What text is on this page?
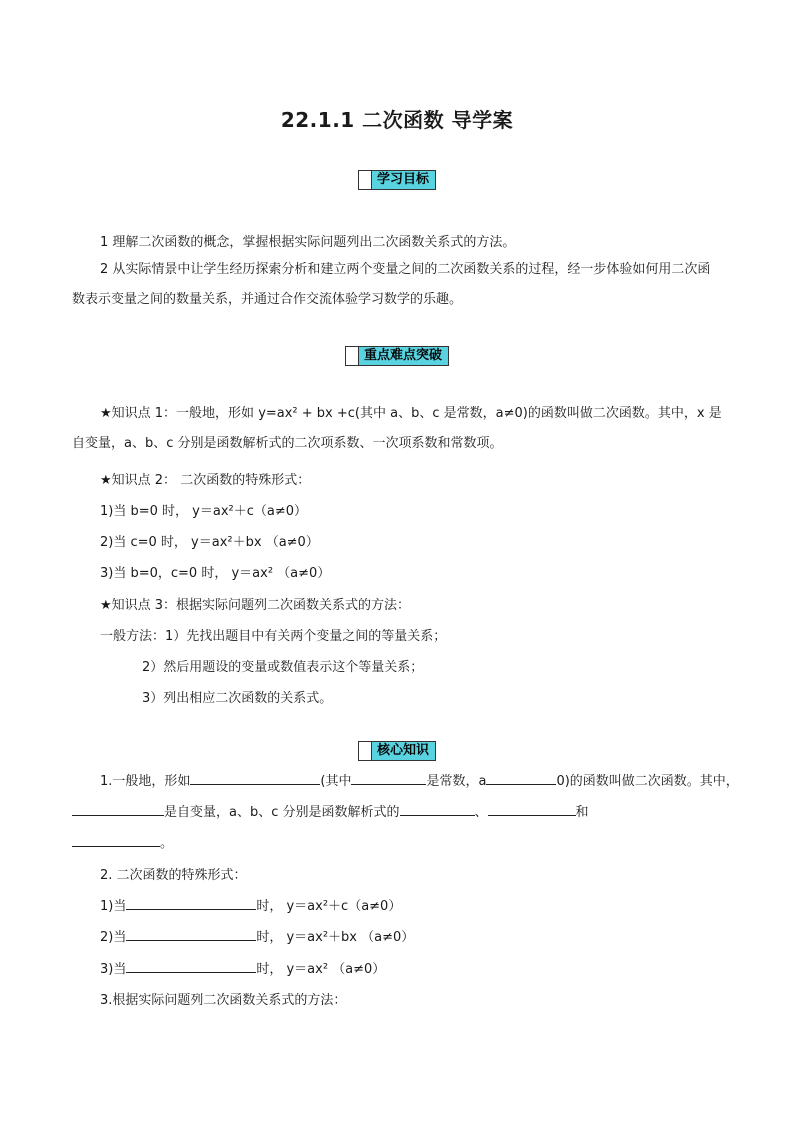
22.1.1 二次函数 导学案
学习目标
1 理解二次函数的概念，掌握根据实际问题列出二次函数关系式的方法。
2 从实际情景中让学生经历探索分析和建立两个变量之间的二次函数关系的过程，经一步体验如何用二次函数表示变量之间的数量关系，并通过合作交流体验学习数学的乐趣。
重点难点突破
★知识点 1：一般地，形如 y=ax² + bx +c(其中 a、b、c 是常数，a≠0)的函数叫做二次函数。其中，x 是自变量，a、b、c 分别是函数解析式的二次项系数、一次项系数和常数项。
★知识点 2： 二次函数的特殊形式：
1)当 b=0 时， y＝ax²＋c（a≠0）
2)当 c=0 时， y＝ax²＋bx （a≠0）
3)当 b=0，c=0 时， y＝ax² （a≠0）
★知识点 3：根据实际问题列二次函数关系式的方法：
一般方法：1）先找出题目中有关两个变量之间的等量关系；
2）然后用题设的变量或数值表示这个等量关系；
3）列出相应二次函数的关系式。
核心知识
1.一般地，形如	(其中	是常数，a	0)的函数叫做二次函数。其中，
是自变量，a、b、c 分别是函数解析式的	、	和
。
2. 二次函数的特殊形式：
1)当	时， y＝ax²＋c（a≠0）
2)当	时， y＝ax²＋bx （a≠0）
3)当	时， y＝ax² （a≠0）
3.根据实际问题列二次函数关系式的方法：
